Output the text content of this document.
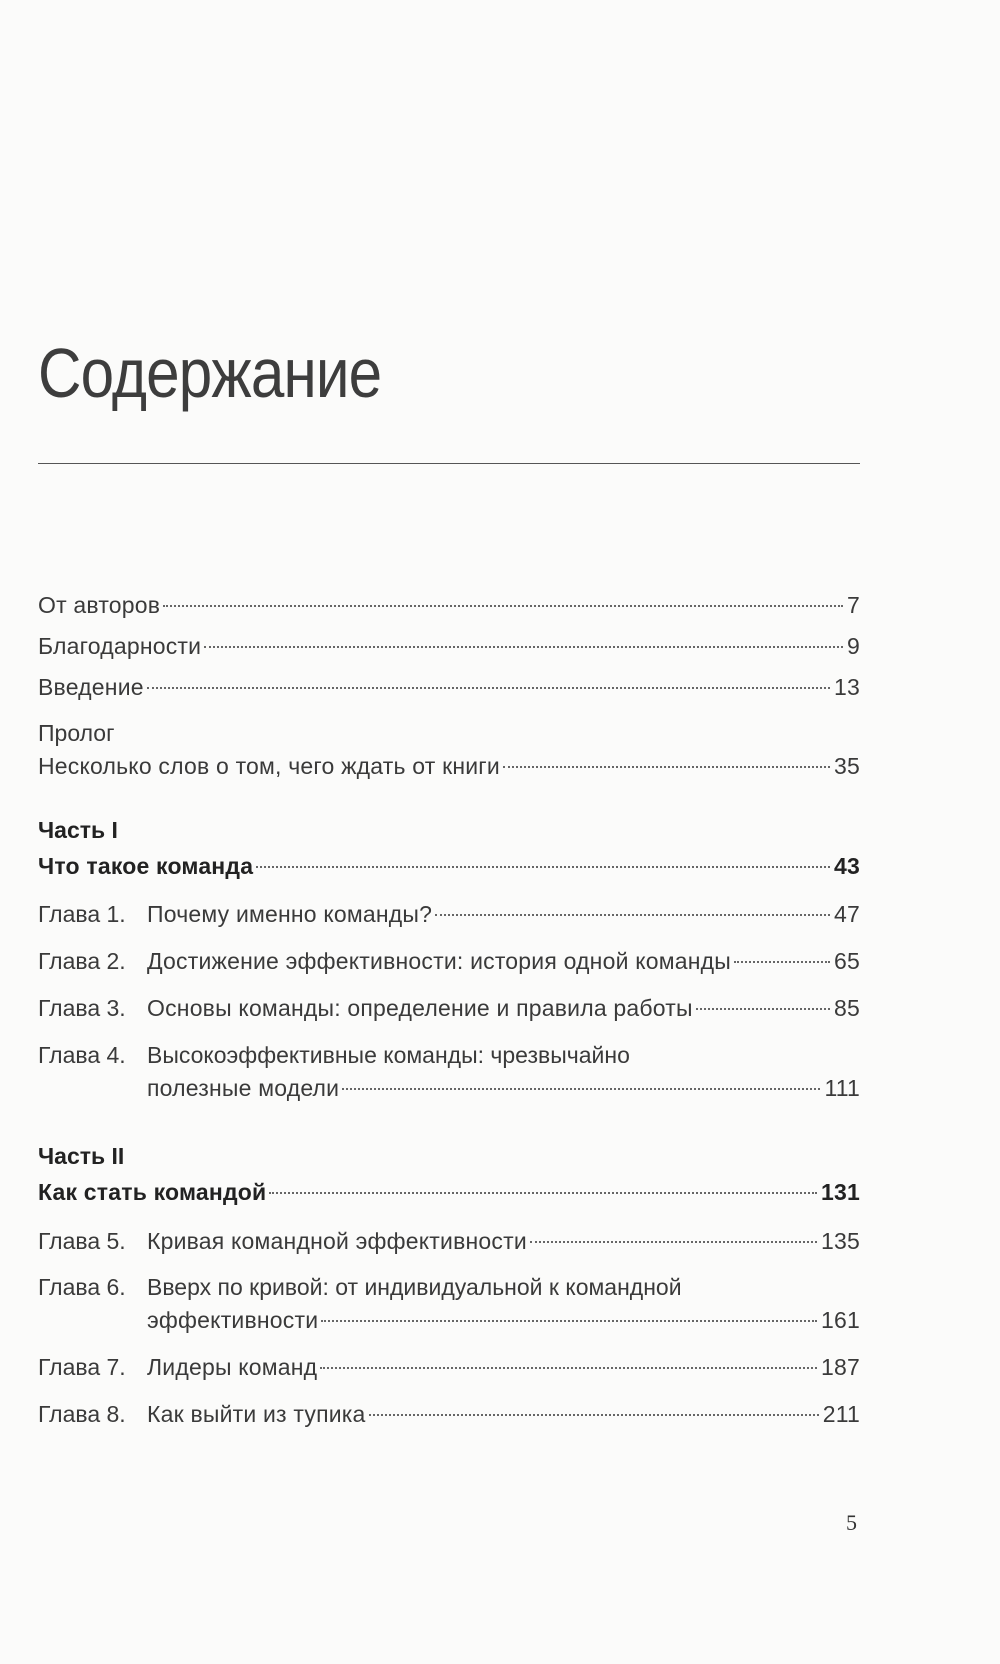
Содержание
От авторов	7
Благодарности	9
Введение	13
Пролог
Несколько слов о том, чего ждать от книги	35
Часть I
Что такое команда	43
Глава 1. Почему именно команды?	47
Глава 2. Достижение эффективности: история одной команды	65
Глава 3. Основы команды: определение и правила работы	85
Глава 4. Высокоэффективные команды: чрезвычайно
полезные модели	111
Часть II
Как стать командой	131
Глава 5. Кривая командной эффективности	135
Глава 6. Вверх по кривой: от индивидуальной к командной
эффективности	161
Глава 7. Лидеры команд	187
Глава 8. Как выйти из тупика	211
5
